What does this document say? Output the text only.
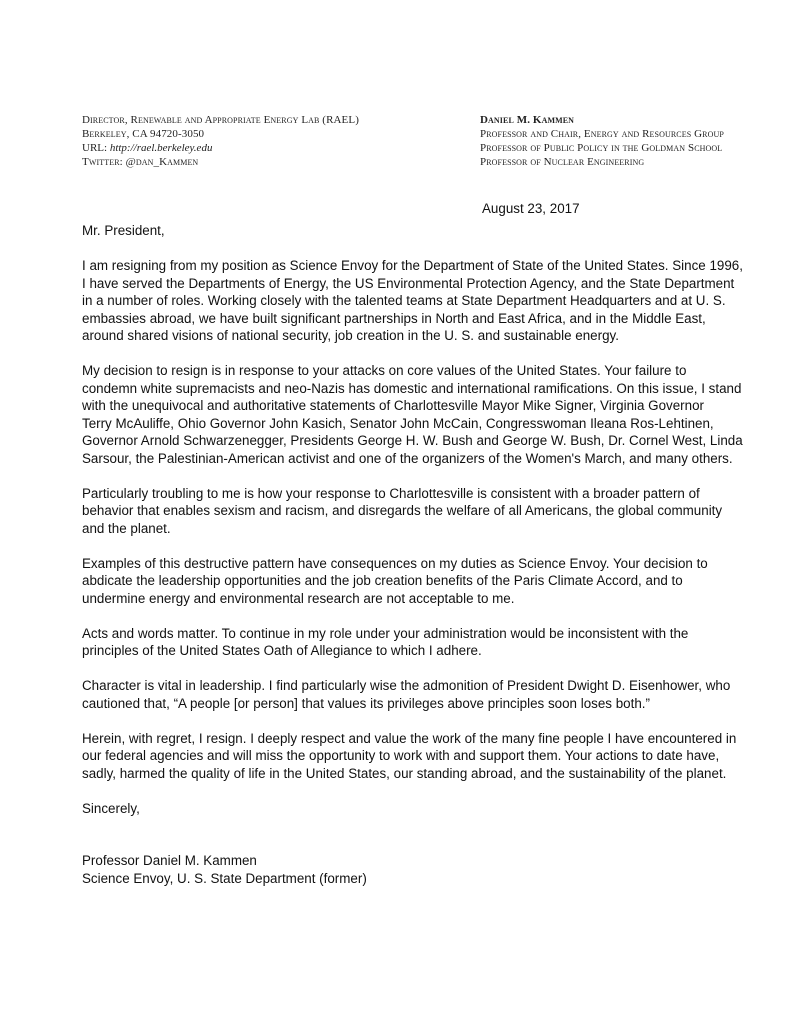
Director, Renewable and Appropriate Energy Lab (RAEL)
Berkeley, CA 94720-3050
URL: http://rael.berkeley.edu
Twitter: @dan_Kammen
Daniel M. Kammen
Professor and Chair, Energy and Resources Group
Professor of Public Policy in the Goldman School
Professor of Nuclear Engineering
August 23, 2017
Mr. President,
I am resigning from my position as Science Envoy for the Department of State of the United States. Since 1996,
I have served the Departments of Energy, the US Environmental Protection Agency, and the State Department
in a number of roles. Working closely with the talented teams at State Department Headquarters and at U. S.
embassies abroad, we have built significant partnerships in North and East Africa, and in the Middle East,
around shared visions of national security, job creation in the U. S. and sustainable energy.
My decision to resign is in response to your attacks on core values of the United States. Your failure to
condemn white supremacists and neo-Nazis has domestic and international ramifications. On this issue, I stand
with the unequivocal and authoritative statements of Charlottesville Mayor Mike Signer, Virginia Governor
Terry McAuliffe, Ohio Governor John Kasich, Senator John McCain, Congresswoman Ileana Ros-Lehtinen,
Governor Arnold Schwarzenegger, Presidents George H. W. Bush and George W. Bush, Dr. Cornel West, Linda
Sarsour, the Palestinian-American activist and one of the organizers of the Women's March, and many others.
Particularly troubling to me is how your response to Charlottesville is consistent with a broader pattern of
behavior that enables sexism and racism, and disregards the welfare of all Americans, the global community
and the planet.
Examples of this destructive pattern have consequences on my duties as Science Envoy. Your decision to
abdicate the leadership opportunities and the job creation benefits of the Paris Climate Accord, and to
undermine energy and environmental research are not acceptable to me.
Acts and words matter. To continue in my role under your administration would be inconsistent with the
principles of the United States Oath of Allegiance to which I adhere.
Character is vital in leadership. I find particularly wise the admonition of President Dwight D. Eisenhower, who
cautioned that, “A people [or person] that values its privileges above principles soon loses both.”
Herein, with regret, I resign. I deeply respect and value the work of the many fine people I have encountered in
our federal agencies and will miss the opportunity to work with and support them. Your actions to date have,
sadly, harmed the quality of life in the United States, our standing abroad, and the sustainability of the planet.
Sincerely,
Professor Daniel M. Kammen
Science Envoy, U. S. State Department (former)
